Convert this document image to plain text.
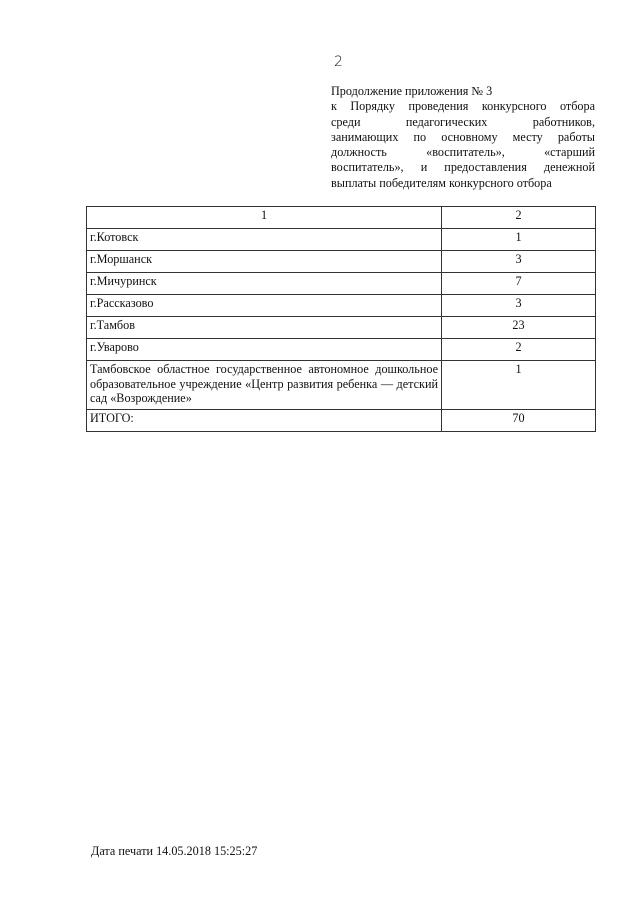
2
Продолжение приложения № 3
к Порядку проведения конкурсного отбора
среди педагогических работников,
занимающих по основному месту работы
должность «воспитатель», «старший
воспитатель», и предоставления денежной
выплаты победителям конкурсного отбора
1	2
г.Котовск	1
г.Моршанск	3
г.Мичуринск	7
г.Рассказово	3
г.Тамбов	23
г.Уварово	2
Тамбовское областное государственное автономное дошкольное образовательное учреждение «Центр развития ребенка — детский сад «Возрождение»	1
ИТОГО:	70
Дата печати 14.05.2018 15:25:27
